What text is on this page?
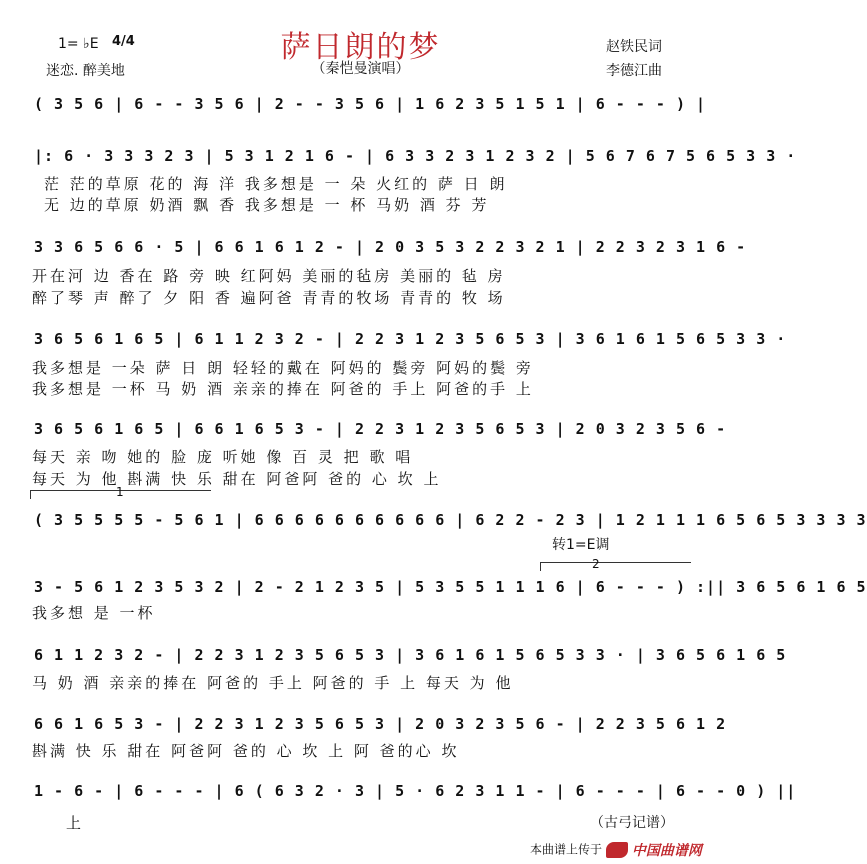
萨日朗的梦
（秦恺曼演唱）
1= ♭E 4/4
迷恋. 醉美地
赵铁民词
李德江曲
( 3 5 6 | 6 - - 3 5 6 | 2 - - 3 5 6 | 1 6 2 3 5 1 5 1 | 6 - - - ) |
|: 6 · 3 3 3 2 3 | 5 3 1 2 1 6 - | 6 3 3 2 3 1 2 3 2 | 5 6 7 6 7 5 6 5 3 3 ·
茫 茫的草原 花的 海 洋 我多想是 一 朵 火红的 萨 日 朗
无 边的草原 奶酒 飘 香 我多想是 一 杯 马奶 酒 芬 芳
3 3 6 5 6 6 · 5 | 6 6 1 6 1 2 - | 2 0 3 5 3 2 2 3 2 1 | 2 2 3 2 3 1 6 -
开在河 边 香在 路 旁 映 红阿妈 美丽的毡房 美丽的 毡 房
醉了琴 声 醉了 夕 阳 香 遍阿爸 青青的牧场 青青的 牧 场
3 6 5 6 1 6 5 | 6 1 1 2 3 2 - | 2 2 3 1 2 3 5 6 5 3 | 3 6 1 6 1 5 6 5 3 3 ·
我多想是 一朵 萨 日 朗 轻轻的戴在 阿妈的 鬓旁 阿妈的鬓 旁
我多想是 一杯 马 奶 酒 亲亲的捧在 阿爸的 手上 阿爸的手 上
3 6 5 6 1 6 5 | 6 6 1 6 5 3 - | 2 2 3 1 2 3 5 6 5 3 | 2 0 3 2 3 5 6 -
每天 亲 吻 她的 脸 庞 听她 像 百 灵 把 歌 唱
每天 为 他 斟满 快 乐 甜在 阿爸阿 爸的 心 坎 上
1
( 3 5 5 5 5 - 5 6 1 | 6 6 6 6 6 6 6 6 6 6 | 6 2 2 - 2 3 | 1 2 1 1 1 6 5 6 5 3 3 3 3
转1=E调
2
3 - 5 6 1 2 3 5 3 2 | 2 - 2 1 2 3 5 | 5 3 5 5 1 1 1 6 | 6 - - - ) :|| 3 6 5 6 1 6 5
我多想 是 一杯
6 1 1 2 3 2 - | 2 2 3 1 2 3 5 6 5 3 | 3 6 1 6 1 5 6 5 3 3 · | 3 6 5 6 1 6 5
马 奶 酒 亲亲的捧在 阿爸的 手上 阿爸的 手 上 每天 为 他
6 6 1 6 5 3 - | 2 2 3 1 2 3 5 6 5 3 | 2 0 3 2 3 5 6 - | 2 2 3 5 6 1 2
斟满 快 乐 甜在 阿爸阿 爸的 心 坎 上 阿 爸的心 坎
1 - 6 - | 6 - - - | 6 ( 6 3 2 · 3 | 5 · 6 2 3 1 1 - | 6 - - - | 6 - - 0 ) ||
上	（古弓记谱）
本曲谱上传于 中国曲谱网
